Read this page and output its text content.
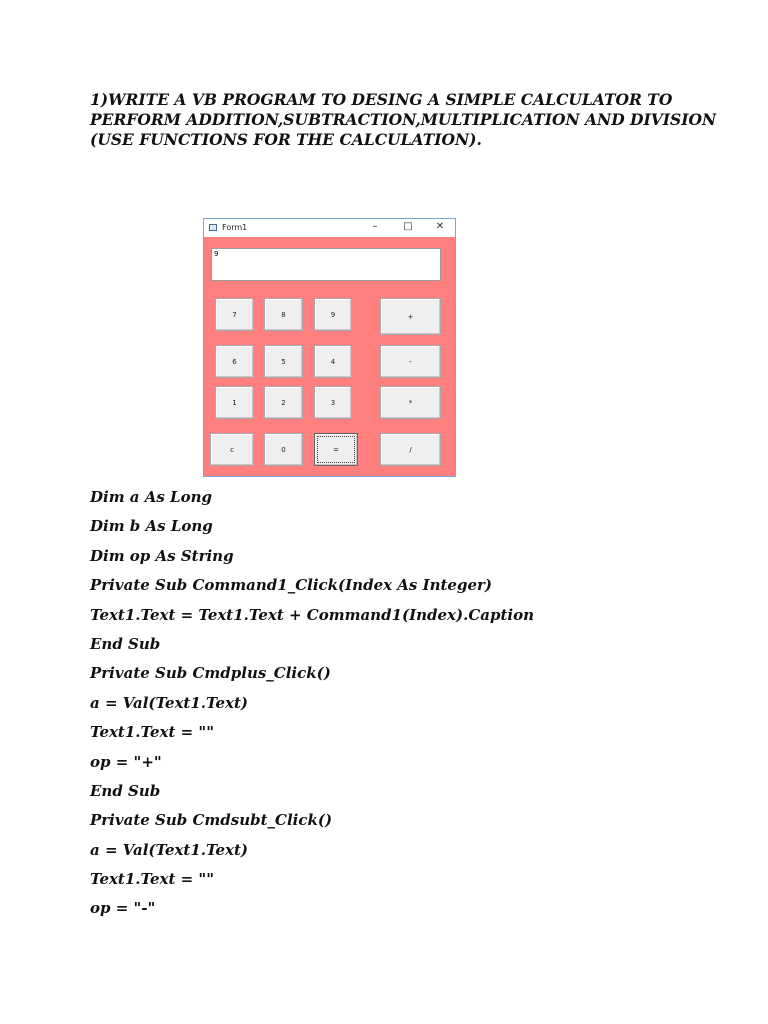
1)WRITE A VB PROGRAM TO DESING A SIMPLE CALCULATOR TO
PERFORM ADDITION,SUBTRACTION,MULTIPLICATION AND DIVISION
(USE FUNCTIONS FOR THE CALCULATION).
Form1	–	□ ✕
9
7	8	9	+
6	5	4	-
1	2	3	*
c	0	=	/
Dim a As Long
Dim b As Long
Dim op As String
Private Sub Command1_Click(Index As Integer)
Text1.Text = Text1.Text + Command1(Index).Caption
End Sub
Private Sub Cmdplus_Click()
a = Val(Text1.Text)
Text1.Text = ""
op = "+"
End Sub
Private Sub Cmdsubt_Click()
a = Val(Text1.Text)
Text1.Text = ""
op = "-"
